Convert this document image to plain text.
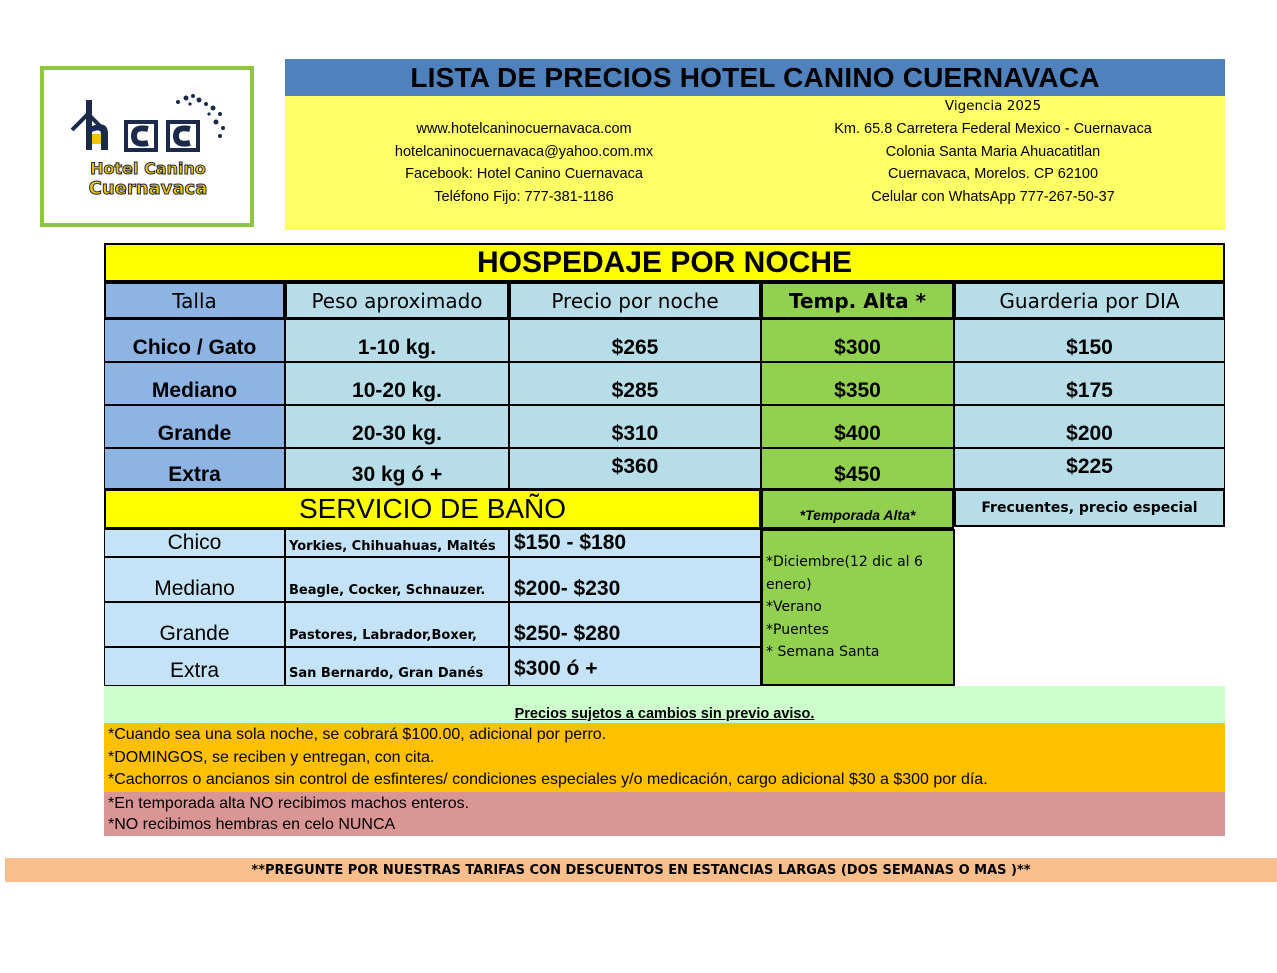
Hotel Canino
Cuernavaca
LISTA DE PRECIOS HOTEL CANINO CUERNAVACA
Vigencia 2025
www.hotelcaninocuernavaca.com
hotelcaninocuernavaca@yahoo.com.mx
Facebook: Hotel Canino Cuernavaca
Teléfono Fijo: 777-381-1186
Km. 65.8 Carretera Federal Mexico - Cuernavaca
Colonia Santa Maria Ahuacatitlan
Cuernavaca, Morelos. CP 62100
Celular con WhatsApp 777-267-50-37
HOSPEDAJE POR NOCHE
Talla	Peso aproximado	Precio por noche	Temp. Alta *	Guarderia por DIA
Chico / Gato	1-10 kg.	$265	$300	$150
Mediano	10-20 kg.	$285	$350	$175
Grande	20-30 kg.	$310	$400	$200
Extra	30 kg ó +	$360	$450	$225
SERVICIO DE BAÑO	*Temporada Alta*	Frecuentes, precio especial
Chico	Yorkies, Chihuahuas, Maltés $150 - $180
Mediano	Beagle, Cocker, Schnauzer.	$200- $230
Grande	Pastores, Labrador,Boxer,	$250- $280
Extra	San Bernardo, Gran Danés	$300 ó +
*Diciembre(12 dic al 6 enero)
*Verano
*Puentes
* Semana Santa
Precios sujetos a cambios sin previo aviso.
*Cuando sea una sola noche, se cobrará $100.00, adicional por perro.
*DOMINGOS, se reciben y entregan, con cita.
*Cachorros o ancianos sin control de esfinteres/ condiciones especiales y/o medicación, cargo adicional $30 a $300 por día.
*En temporada alta NO recibimos machos enteros.
*NO recibimos hembras en celo NUNCA
**PREGUNTE POR NUESTRAS TARIFAS CON DESCUENTOS EN ESTANCIAS LARGAS (DOS SEMANAS O MAS )**
